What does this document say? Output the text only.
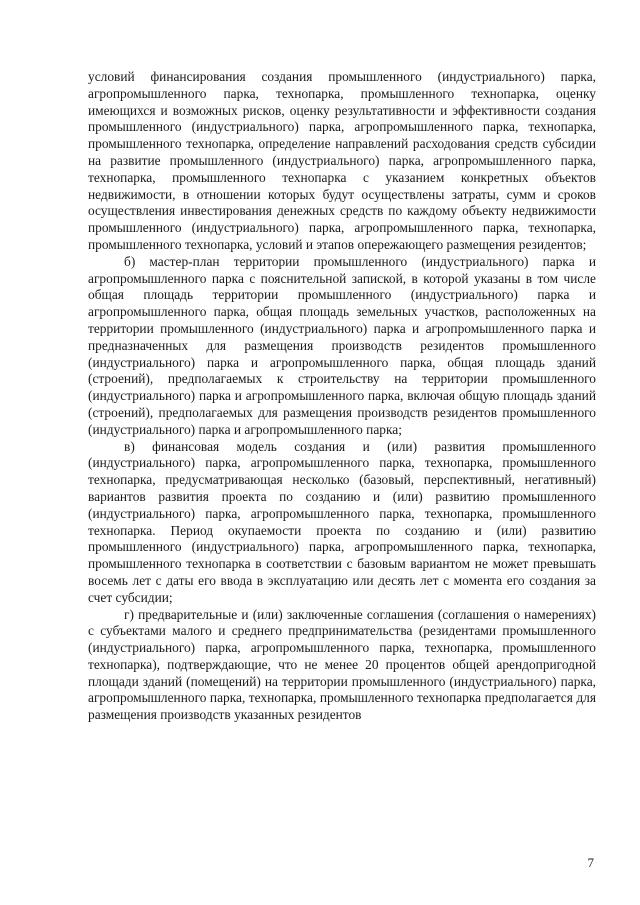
условий финансирования создания промышленного (индустриального) парка, агропромышленного парка, технопарка, промышленного технопарка, оценку имеющихся и возможных рисков, оценку результативности и эффективности создания промышленного (индустриального) парка, агропромышленного парка, технопарка, промышленного технопарка, определение направлений расходования средств субсидии на развитие промышленного (индустриального) парка, агропромышленного парка, технопарка, промышленного технопарка с указанием конкретных объектов недвижимости, в отношении которых будут осуществлены затраты, сумм и сроков осуществления инвестирования денежных средств по каждому объекту недвижимости промышленного (индустриального) парка, агропромышленного парка, технопарка, промышленного технопарка, условий и этапов опережающего размещения резидентов;

б) мастер-план территории промышленного (индустриального) парка и агропромышленного парка с пояснительной запиской, в которой указаны в том числе общая площадь территории промышленного (индустриального) парка и агропромышленного парка, общая площадь земельных участков, расположенных на территории промышленного (индустриального) парка и агропромышленного парка и предназначенных для размещения производств резидентов промышленного (индустриального) парка и агропромышленного парка, общая площадь зданий (строений), предполагаемых к строительству на территории промышленного (индустриального) парка и агропромышленного парка, включая общую площадь зданий (строений), предполагаемых для размещения производств резидентов промышленного (индустриального) парка и агропромышленного парка;

в) финансовая модель создания и (или) развития промышленного (индустриального) парка, агропромышленного парка, технопарка, промышленного технопарка, предусматривающая несколько (базовый, перспективный, негативный) вариантов развития проекта по созданию и (или) развитию промышленного (индустриального) парка, агропромышленного парка, технопарка, промышленного технопарка. Период окупаемости проекта по созданию и (или) развитию промышленного (индустриального) парка, агропромышленного парка, технопарка, промышленного технопарка в соответствии с базовым вариантом не может превышать восемь лет с даты его ввода в эксплуатацию или десять лет с момента его создания за счет субсидии;

г) предварительные и (или) заключенные соглашения (соглашения о намерениях) с субъектами малого и среднего предпринимательства (резидентами промышленного (индустриального) парка, агропромышленного парка, технопарка, промышленного технопарка), подтверждающие, что не менее 20 процентов общей арендопригодной площади зданий (помещений) на территории промышленного (индустриального) парка, агропромышленного парка, технопарка, промышленного технопарка предполагается для размещения производств указанных резидентов

7
